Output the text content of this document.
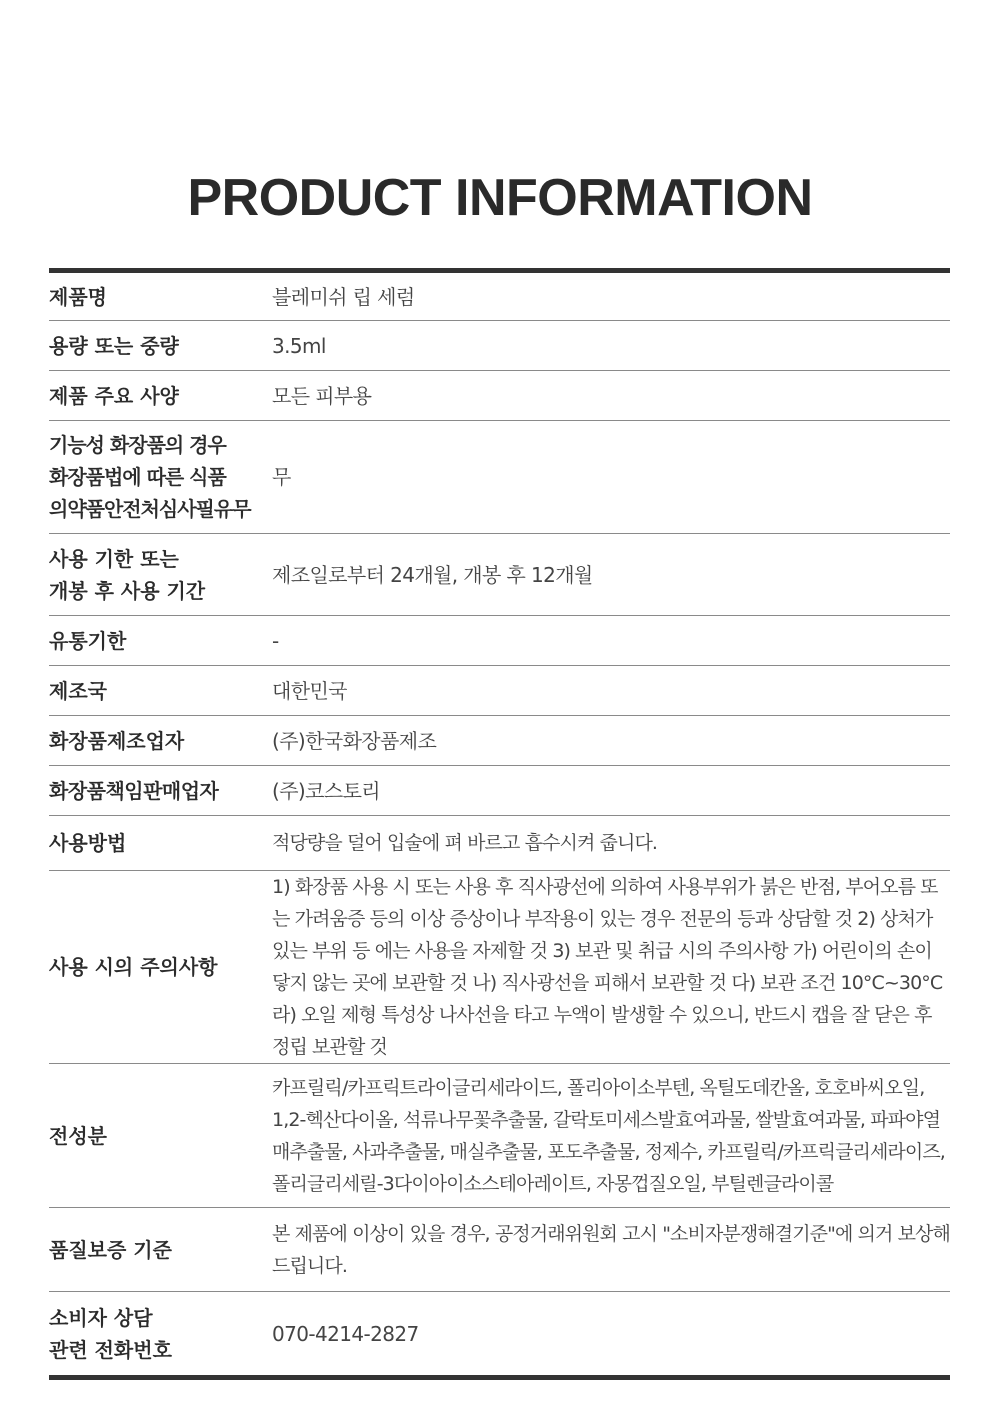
PRODUCT INFORMATION
제품명	블레미쉬 립 세럼
용량 또는 중량	3.5ml
제품 주요 사양	모든 피부용
기능성 화장품의 경우
화장품법에 따른 식품
의약품안전처심사필유무	무
사용 기한 또는
개봉 후 사용 기간	제조일로부터 24개월, 개봉 후 12개월
유통기한	-
제조국	대한민국
화장품제조업자	(주)한국화장품제조
화장품책임판매업자	(주)코스토리
사용방법	적당량을 덜어 입술에 펴 바르고 흡수시켜 줍니다.
사용 시의 주의사항	1) 화장품 사용 시 또는 사용 후 직사광선에 의하여 사용부위가 붉은 반점, 부어오름 또는 가려움증 등의 이상 증상이나 부작용이 있는 경우 전문의 등과 상담할 것 2) 상처가 있는 부위 등 에는 사용을 자제할 것 3) 보관 및 취급 시의 주의사항 가) 어린이의 손이 닿지 않는 곳에 보관할 것 나) 직사광선을 피해서 보관할 것 다) 보관 조건 10°C~30°C 라) 오일 제형 특성상 나사선을 타고 누액이 발생할 수 있으니, 반드시 캡을 잘 닫은 후 정립 보관할 것
전성분	카프릴릭/카프릭트라이글리세라이드, 폴리아이소부텐, 옥틸도데칸올, 호호바씨오일, 1,2-헥산다이올, 석류나무꽃추출물, 갈락토미세스발효여과물, 쌀발효여과물, 파파야열매추출물, 사과추출물, 매실추출물, 포도추출물, 정제수, 카프릴릭/카프릭글리세라이즈, 폴리글리세릴-3다이아이소스테아레이트, 자몽껍질오일, 부틸렌글라이콜
품질보증 기준	본 제품에 이상이 있을 경우, 공정거래위원회 고시 "소비자분쟁해결기준"에 의거 보상해 드립니다.
소비자 상담
관련 전화번호	070-4214-2827
